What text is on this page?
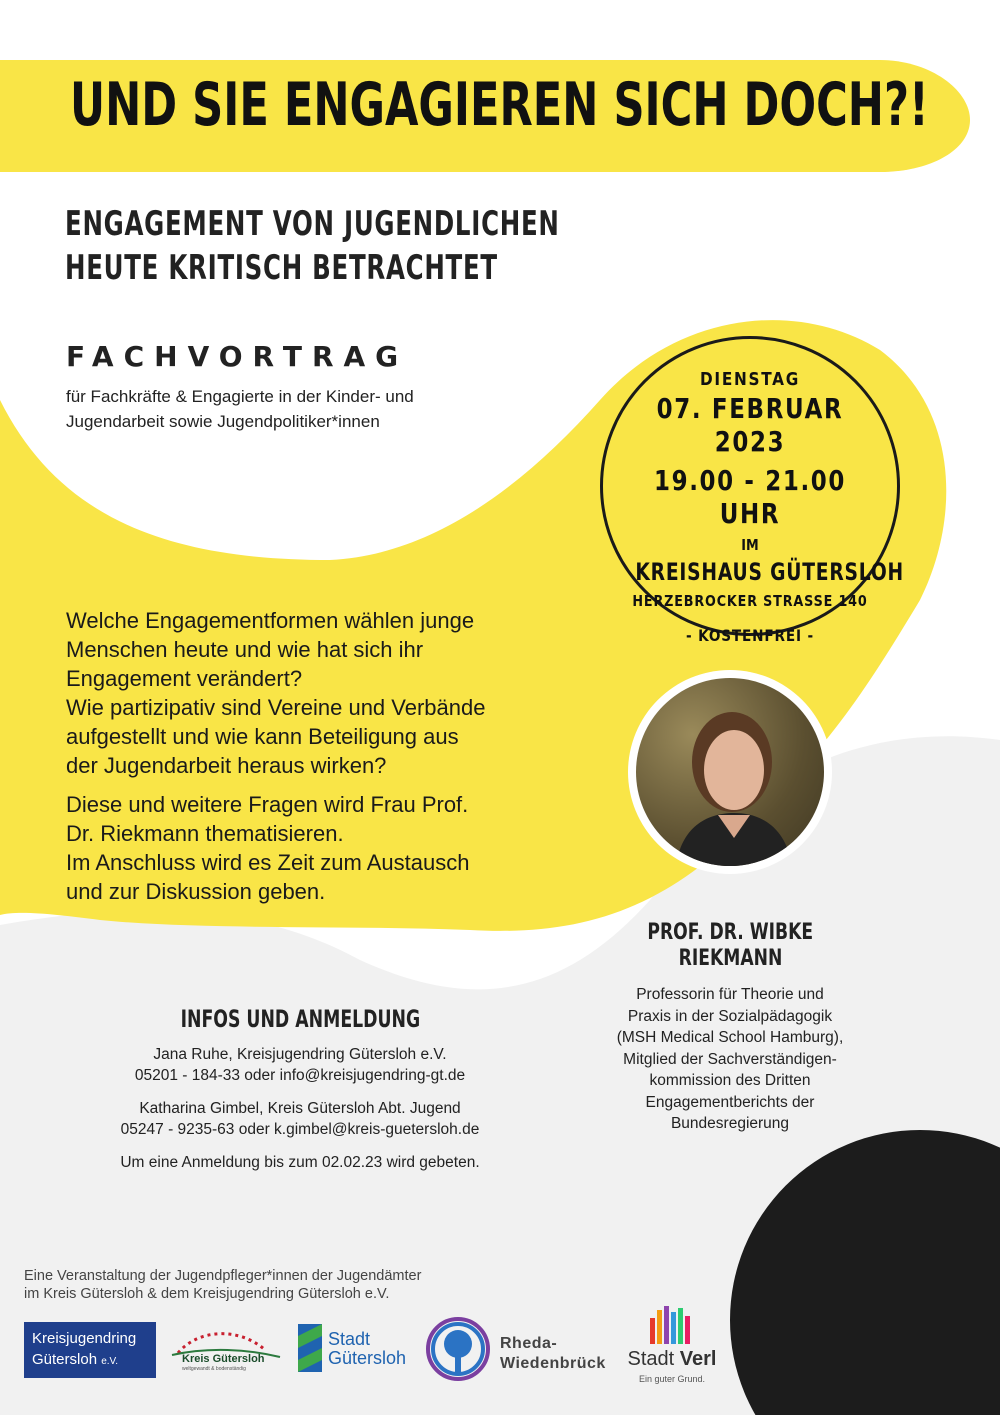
UND SIE ENGAGIEREN SICH DOCH?!
ENGAGEMENT VON JUGENDLICHEN
HEUTE KRITISCH BETRACHTET
FACHVORTRAG
für Fachkräfte & Engagierte in der Kinder- und
Jugendarbeit sowie Jugendpolitiker*innen
DIENSTAG
07. FEBRUAR 2023
19.00 - 21.00 UHR
IM
KREISHAUS GÜTERSLOH
HERZEBROCKER STRASSE 140
- KOSTENFREI -

Welche Engagementformen wählen junge
Menschen heute und wie hat sich ihr
Engagement verändert?
Wie partizipativ sind Vereine und Verbände
aufgestellt und wie kann Beteiligung aus
der Jugendarbeit heraus wirken?

Diese und weitere Fragen wird Frau Prof.
Dr. Riekmann thematisieren.
Im Anschluss wird es Zeit zum Austausch
und zur Diskussion geben.

PROF. DR. WIBKE
RIEKMANN
Professorin für Theorie und
Praxis in der Sozialpädagogik
(MSH Medical School Hamburg),
Mitglied der Sachverständigen-
kommission des Dritten
Engagementberichts der
Bundesregierung
INFOS UND ANMELDUNG
Jana Ruhe, Kreisjugendring Gütersloh e.V.
05201 - 184-33 oder info@kreisjugendring-gt.de
Katharina Gimbel, Kreis Gütersloh Abt. Jugend
05247 - 9235-63 oder k.gimbel@kreis-guetersloh.de
Um eine Anmeldung bis zum 02.02.23 wird gebeten.
Eine Veranstaltung der Jugendpfleger*innen der Jugendämter
im Kreis Gütersloh & dem Kreisjugendring Gütersloh e.V.
Kreisjugendring
Gütersloh e.V.	Kreis Gütersloh
weltgewandt & bodenständig
Stadt
Gütersloh
Rheda-
Wiedenbrück Stadt Verl
Ein guter Grund.
